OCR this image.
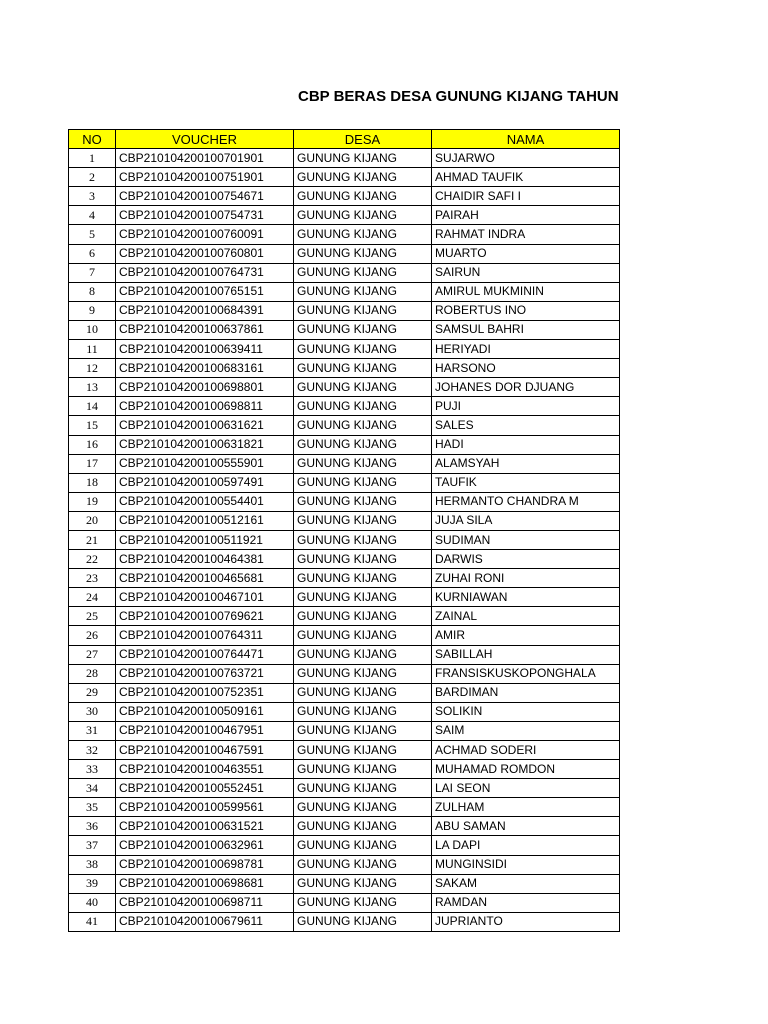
CBP BERAS DESA GUNUNG KIJANG TAHUN
NO	VOUCHER	DESA	NAMA
1	CBP210104200100701901	GUNUNG KIJANG	SUJARWO
2	CBP210104200100751901	GUNUNG KIJANG	AHMAD TAUFIK
3	CBP210104200100754671	GUNUNG KIJANG	CHAIDIR SAFI I
4	CBP210104200100754731	GUNUNG KIJANG	PAIRAH
5	CBP210104200100760091	GUNUNG KIJANG	RAHMAT INDRA
6	CBP210104200100760801	GUNUNG KIJANG	MUARTO
7	CBP210104200100764731	GUNUNG KIJANG	SAIRUN
8	CBP210104200100765151	GUNUNG KIJANG	AMIRUL MUKMININ
9	CBP210104200100684391	GUNUNG KIJANG	ROBERTUS INO
10	CBP210104200100637861	GUNUNG KIJANG	SAMSUL BAHRI
11	CBP210104200100639411	GUNUNG KIJANG	HERIYADI
12	CBP210104200100683161	GUNUNG KIJANG	HARSONO
13	CBP210104200100698801	GUNUNG KIJANG	JOHANES DOR DJUANG
14	CBP210104200100698811	GUNUNG KIJANG	PUJI
15	CBP210104200100631621	GUNUNG KIJANG	SALES
16	CBP210104200100631821	GUNUNG KIJANG	HADI
17	CBP210104200100555901	GUNUNG KIJANG	ALAMSYAH
18	CBP210104200100597491	GUNUNG KIJANG	TAUFIK
19	CBP210104200100554401	GUNUNG KIJANG	HERMANTO CHANDRA M
20	CBP210104200100512161	GUNUNG KIJANG	JUJA SILA
21	CBP210104200100511921	GUNUNG KIJANG	SUDIMAN
22	CBP210104200100464381	GUNUNG KIJANG	DARWIS
23	CBP210104200100465681	GUNUNG KIJANG	ZUHAI RONI
24	CBP210104200100467101	GUNUNG KIJANG	KURNIAWAN
25	CBP210104200100769621	GUNUNG KIJANG	ZAINAL
26	CBP210104200100764311	GUNUNG KIJANG	AMIR
27	CBP210104200100764471	GUNUNG KIJANG	SABILLAH
28	CBP210104200100763721	GUNUNG KIJANG	FRANSISKUSKOPONGHALA
29	CBP210104200100752351	GUNUNG KIJANG	BARDIMAN
30	CBP210104200100509161	GUNUNG KIJANG	SOLIKIN
31	CBP210104200100467951	GUNUNG KIJANG	SAIM
32	CBP210104200100467591	GUNUNG KIJANG	ACHMAD SODERI
33	CBP210104200100463551	GUNUNG KIJANG	MUHAMAD ROMDON
34	CBP210104200100552451	GUNUNG KIJANG	LAI SEON
35	CBP210104200100599561	GUNUNG KIJANG	ZULHAM
36	CBP210104200100631521	GUNUNG KIJANG	ABU SAMAN
37	CBP210104200100632961	GUNUNG KIJANG	LA DAPI
38	CBP210104200100698781	GUNUNG KIJANG	MUNGINSIDI
39	CBP210104200100698681	GUNUNG KIJANG	SAKAM
40	CBP210104200100698711	GUNUNG KIJANG	RAMDAN
41	CBP210104200100679611	GUNUNG KIJANG	JUPRIANTO
